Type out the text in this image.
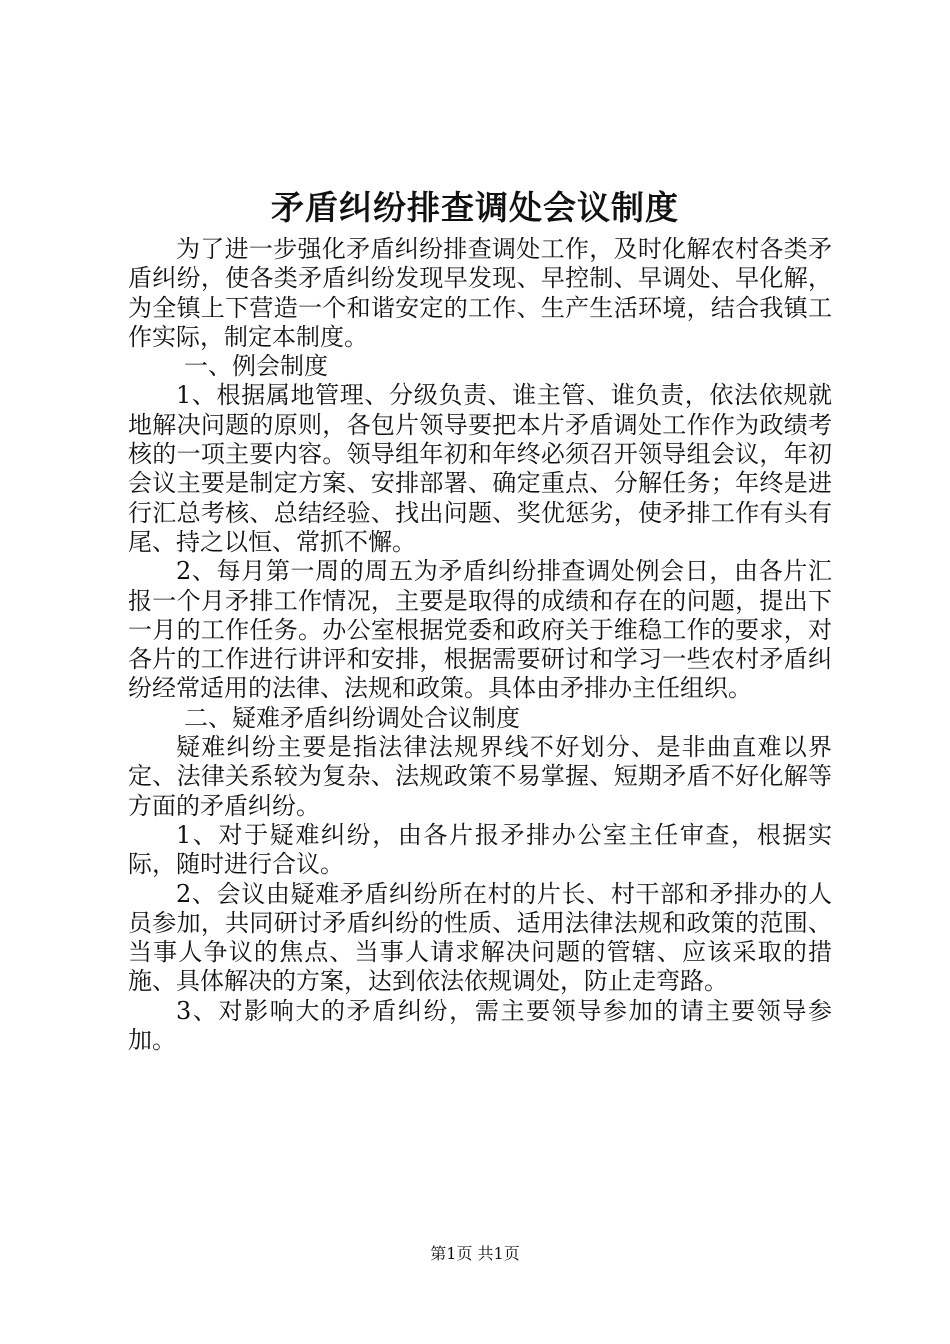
矛盾纠纷排查调处会议制度

为了进一步强化矛盾纠纷排查调处工作，及时化解农村各类矛盾纠纷，使各类矛盾纠纷发现早发现、早控制、早调处、早化解，为全镇上下营造一个和谐安定的工作、生产生活环境，结合我镇工作实际，制定本制度。

一、例会制度

1、根据属地管理、分级负责、谁主管、谁负责，依法依规就地解决问题的原则，各包片领导要把本片矛盾调处工作作为政绩考核的一项主要内容。领导组年初和年终必须召开领导组会议，年初会议主要是制定方案、安排部署、确定重点、分解任务；年终是进行汇总考核、总结经验、找出问题、奖优惩劣，使矛排工作有头有尾、持之以恒、常抓不懈。

2、每月第一周的周五为矛盾纠纷排查调处例会日，由各片汇报一个月矛排工作情况，主要是取得的成绩和存在的问题，提出下一月的工作任务。办公室根据党委和政府关于维稳工作的要求，对各片的工作进行讲评和安排，根据需要研讨和学习一些农村矛盾纠纷经常适用的法律、法规和政策。具体由矛排办主任组织。

二、疑难矛盾纠纷调处合议制度

疑难纠纷主要是指法律法规界线不好划分、是非曲直难以界定、法律关系较为复杂、法规政策不易掌握、短期矛盾不好化解等方面的矛盾纠纷。

1、对于疑难纠纷，由各片报矛排办公室主任审查，根据实际，随时进行合议。

2、会议由疑难矛盾纠纷所在村的片长、村干部和矛排办的人员参加，共同研讨矛盾纠纷的性质、适用法律法规和政策的范围、当事人争议的焦点、当事人请求解决问题的管辖、应该采取的措施、具体解决的方案，达到依法依规调处，防止走弯路。

3、对影响大的矛盾纠纷，需主要领导参加的请主要领导参加。

第1页 共1页
